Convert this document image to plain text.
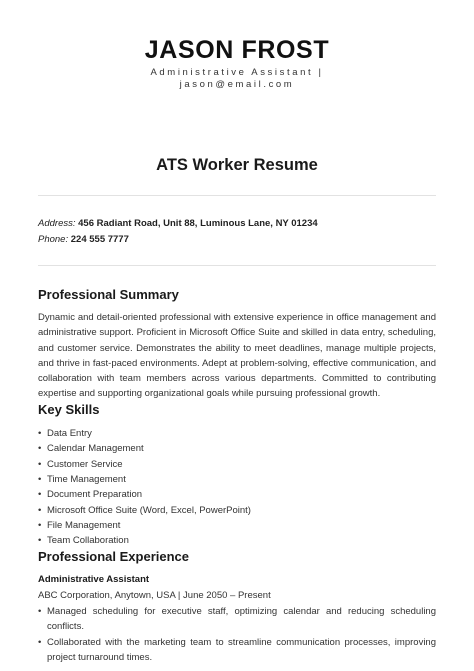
JASON FROST
Administrative Assistant |
jason@email.com
ATS Worker Resume
Address: 456 Radiant Road, Unit 88, Luminous Lane, NY 01234
Phone: 224 555 7777
Professional Summary

Dynamic and detail-oriented professional with extensive experience in office management and administrative support. Proficient in Microsoft Office Suite and skilled in data entry, scheduling, and customer service. Demonstrates the ability to meet deadlines, manage multiple projects, and thrive in fast-paced environments. Adept at problem-solving, effective communication, and collaboration with team members across various departments. Committed to contributing expertise and supporting organizational goals while pursuing professional growth.

Key Skills
• Data Entry
• Calendar Management
• Customer Service
• Time Management
• Document Preparation
• Microsoft Office Suite (Word, Excel, PowerPoint)
• File Management
• Team Collaboration
Professional Experience
Administrative Assistant
ABC Corporation, Anytown, USA | June 2050 – Present
• Managed scheduling for executive staff, optimizing calendar and reducing scheduling conflicts.
• Collaborated with the marketing team to streamline communication processes, improving project turnaround times.
